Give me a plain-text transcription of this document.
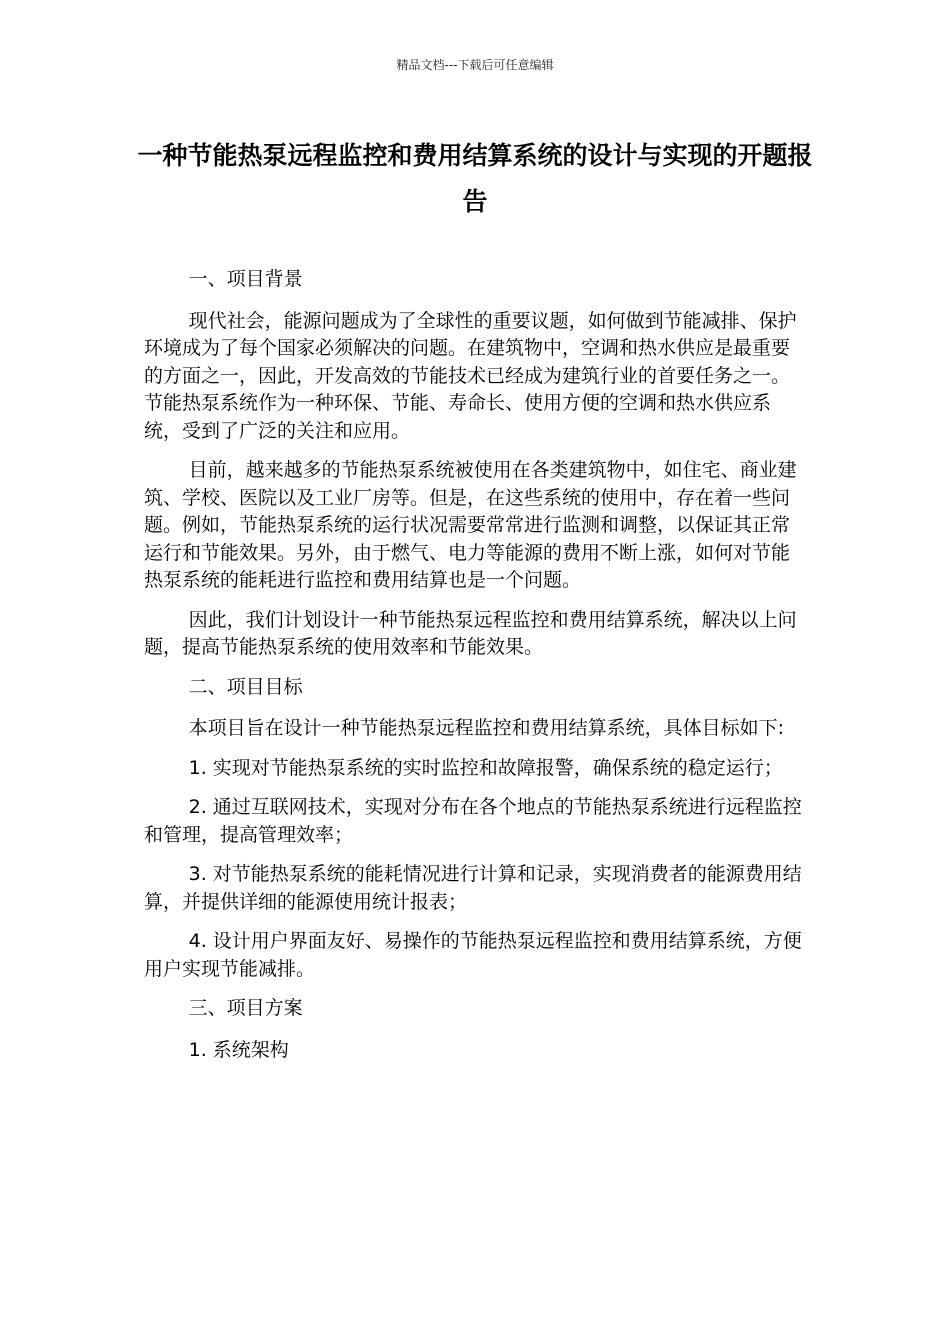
精品文档---下载后可任意编辑
一种节能热泵远程监控和费用结算系统的设计与实现的开题报告

一、项目背景

现代社会，能源问题成为了全球性的重要议题，如何做到节能减排、保护环境成为了每个国家必须解决的问题。在建筑物中，空调和热水供应是最重要的方面之一，因此，开发高效的节能技术已经成为建筑行业的首要任务之一。节能热泵系统作为一种环保、节能、寿命长、使用方便的空调和热水供应系统，受到了广泛的关注和应用。

目前，越来越多的节能热泵系统被使用在各类建筑物中，如住宅、商业建筑、学校、医院以及工业厂房等。但是，在这些系统的使用中，存在着一些问题。例如，节能热泵系统的运行状况需要常常进行监测和调整，以保证其正常运行和节能效果。另外，由于燃气、电力等能源的费用不断上涨，如何对节能热泵系统的能耗进行监控和费用结算也是一个问题。

因此，我们计划设计一种节能热泵远程监控和费用结算系统，解决以上问题，提高节能热泵系统的使用效率和节能效果。

二、项目目标

本项目旨在设计一种节能热泵远程监控和费用结算系统，具体目标如下:

1. 实现对节能热泵系统的实时监控和故障报警，确保系统的稳定运行；

2. 通过互联网技术，实现对分布在各个地点的节能热泵系统进行远程监控和管理，提高管理效率；

3. 对节能热泵系统的能耗情况进行计算和记录，实现消费者的能源费用结算，并提供详细的能源使用统计报表；

4. 设计用户界面友好、易操作的节能热泵远程监控和费用结算系统，方便用户实现节能减排。

三、项目方案

1. 系统架构
